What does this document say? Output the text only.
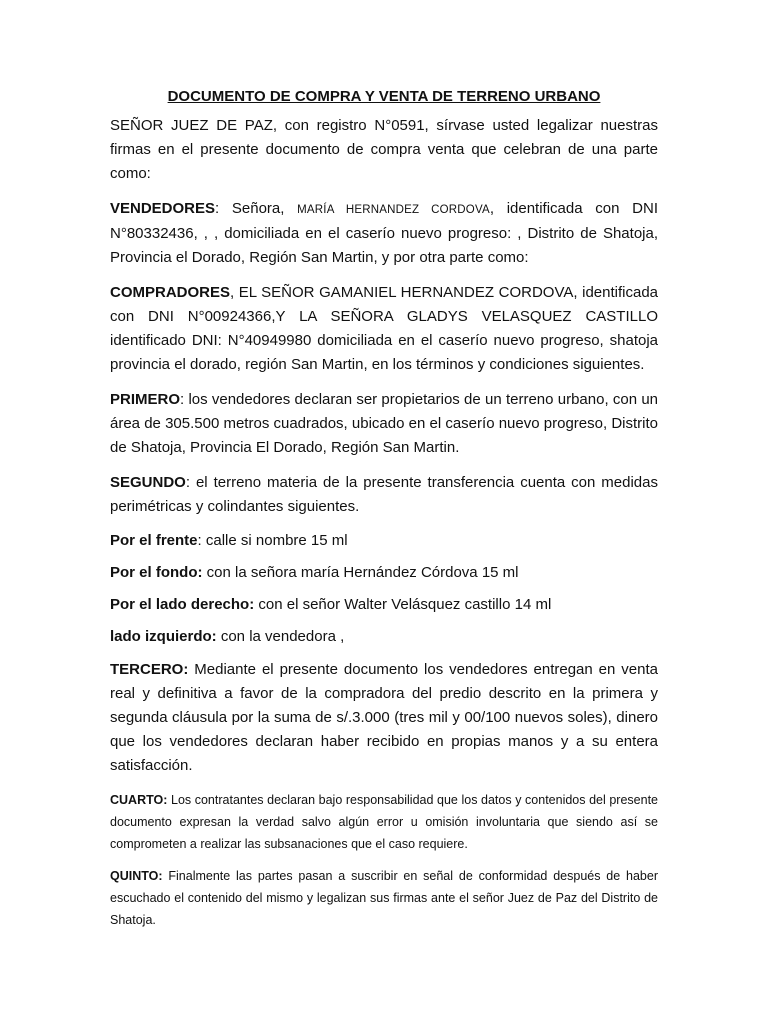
DOCUMENTO DE COMPRA Y VENTA DE TERRENO URBANO

SEÑOR JUEZ DE PAZ, con registro N°0591, sírvase usted legalizar nuestras firmas en el presente documento de compra venta que celebran de una parte como:

VENDEDORES: Señora, MARÍA HERNANDEZ CORDOVA, identificada con DNI N°80332436, , , domiciliada en el caserío nuevo progreso: , Distrito de Shatoja, Provincia el Dorado, Región San Martin, y por otra parte como:

COMPRADORES, EL SEÑOR GAMANIEL HERNANDEZ CORDOVA, identificada con DNI N°00924366,Y LA SEÑORA GLADYS VELASQUEZ CASTILLO identificado DNI: N°40949980 domiciliada en el caserío nuevo progreso, shatoja provincia el dorado, región San Martin, en los términos y condiciones siguientes.

PRIMERO: los vendedores declaran ser propietarios de un terreno urbano, con un área de 305.500 metros cuadrados, ubicado en el caserío nuevo progreso, Distrito de Shatoja, Provincia El Dorado, Región San Martin.

SEGUNDO: el terreno materia de la presente transferencia cuenta con medidas perimétricas y colindantes siguientes.

Por el frente: calle si nombre 15 ml

Por el fondo: con la señora maría Hernández Córdova 15 ml

Por el lado derecho: con el señor Walter Velásquez castillo 14 ml

lado izquierdo: con la vendedora ,

TERCERO: Mediante el presente documento los vendedores entregan en venta real y definitiva a favor de la compradora del predio descrito en la primera y segunda cláusula por la suma de s/.3.000 (tres mil y 00/100 nuevos soles), dinero que los vendedores declaran haber recibido en propias manos y a su entera satisfacción.

CUARTO: Los contratantes declaran bajo responsabilidad que los datos y contenidos del presente documento expresan la verdad salvo algún error u omisión involuntaria que siendo así se comprometen a realizar las subsanaciones que el caso requiere.

QUINTO: Finalmente las partes pasan a suscribir en señal de conformidad después de haber escuchado el contenido del mismo y legalizan sus firmas ante el señor Juez de Paz del Distrito de Shatoja.
